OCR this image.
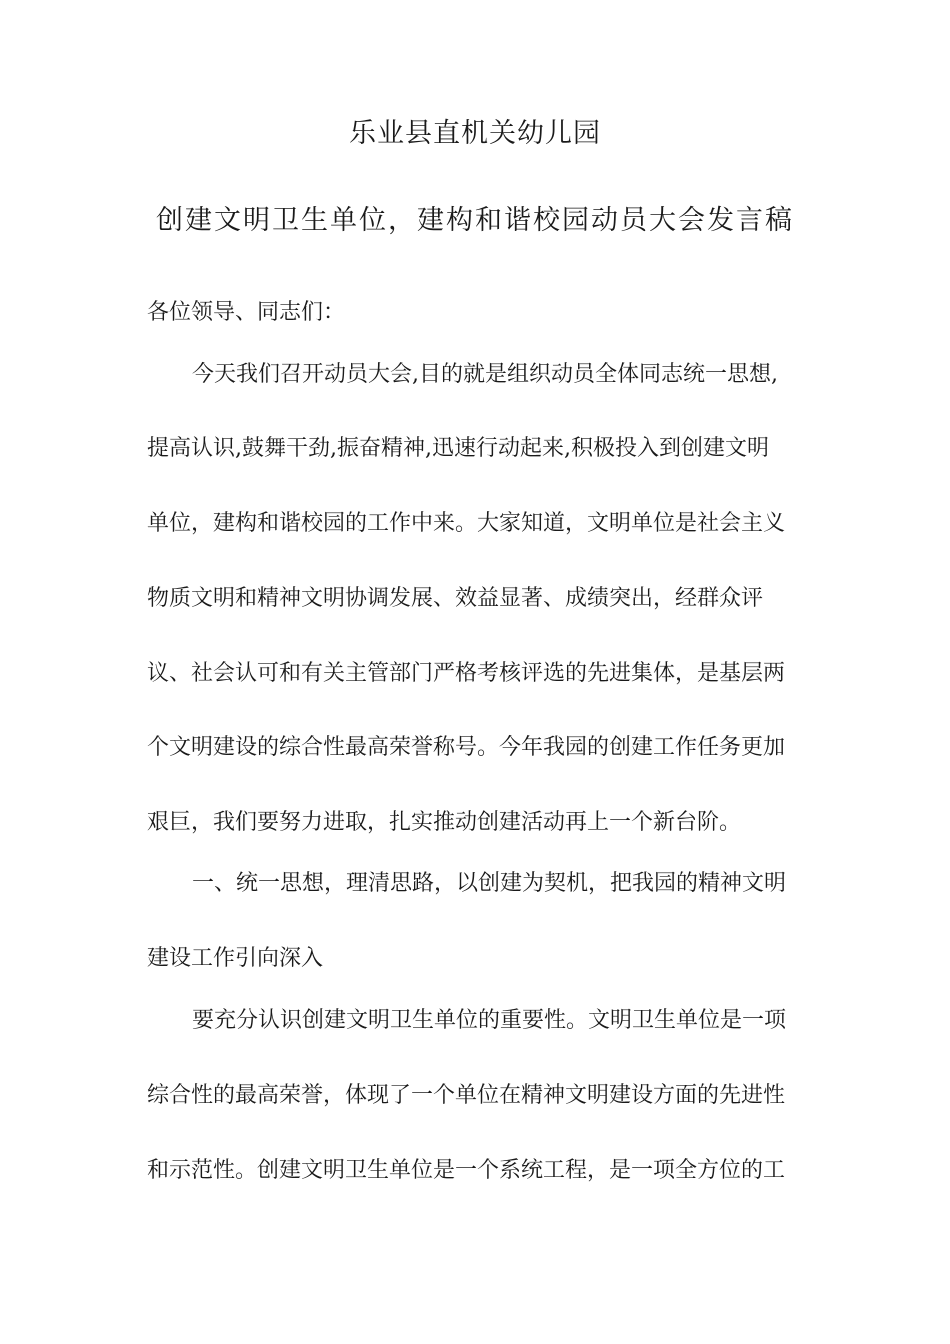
乐业县直机关幼儿园
创建文明卫生单位，建构和谐校园动员大会发言稿
各位领导、同志们：
今天我们召开动员大会,目的就是组织动员全体同志统一思想,
提高认识,鼓舞干劲,振奋精神,迅速行动起来,积极投入到创建文明
单位，建构和谐校园的工作中来。大家知道，文明单位是社会主义
物质文明和精神文明协调发展、效益显著、成绩突出，经群众评
议、社会认可和有关主管部门严格考核评选的先进集体，是基层两
个文明建设的综合性最高荣誉称号。今年我园的创建工作任务更加
艰巨，我们要努力进取，扎实推动创建活动再上一个新台阶。
一、统一思想，理清思路，以创建为契机，把我园的精神文明
建设工作引向深入
要充分认识创建文明卫生单位的重要性。文明卫生单位是一项
综合性的最高荣誉，体现了一个单位在精神文明建设方面的先进性
和示范性。创建文明卫生单位是一个系统工程，是一项全方位的工
